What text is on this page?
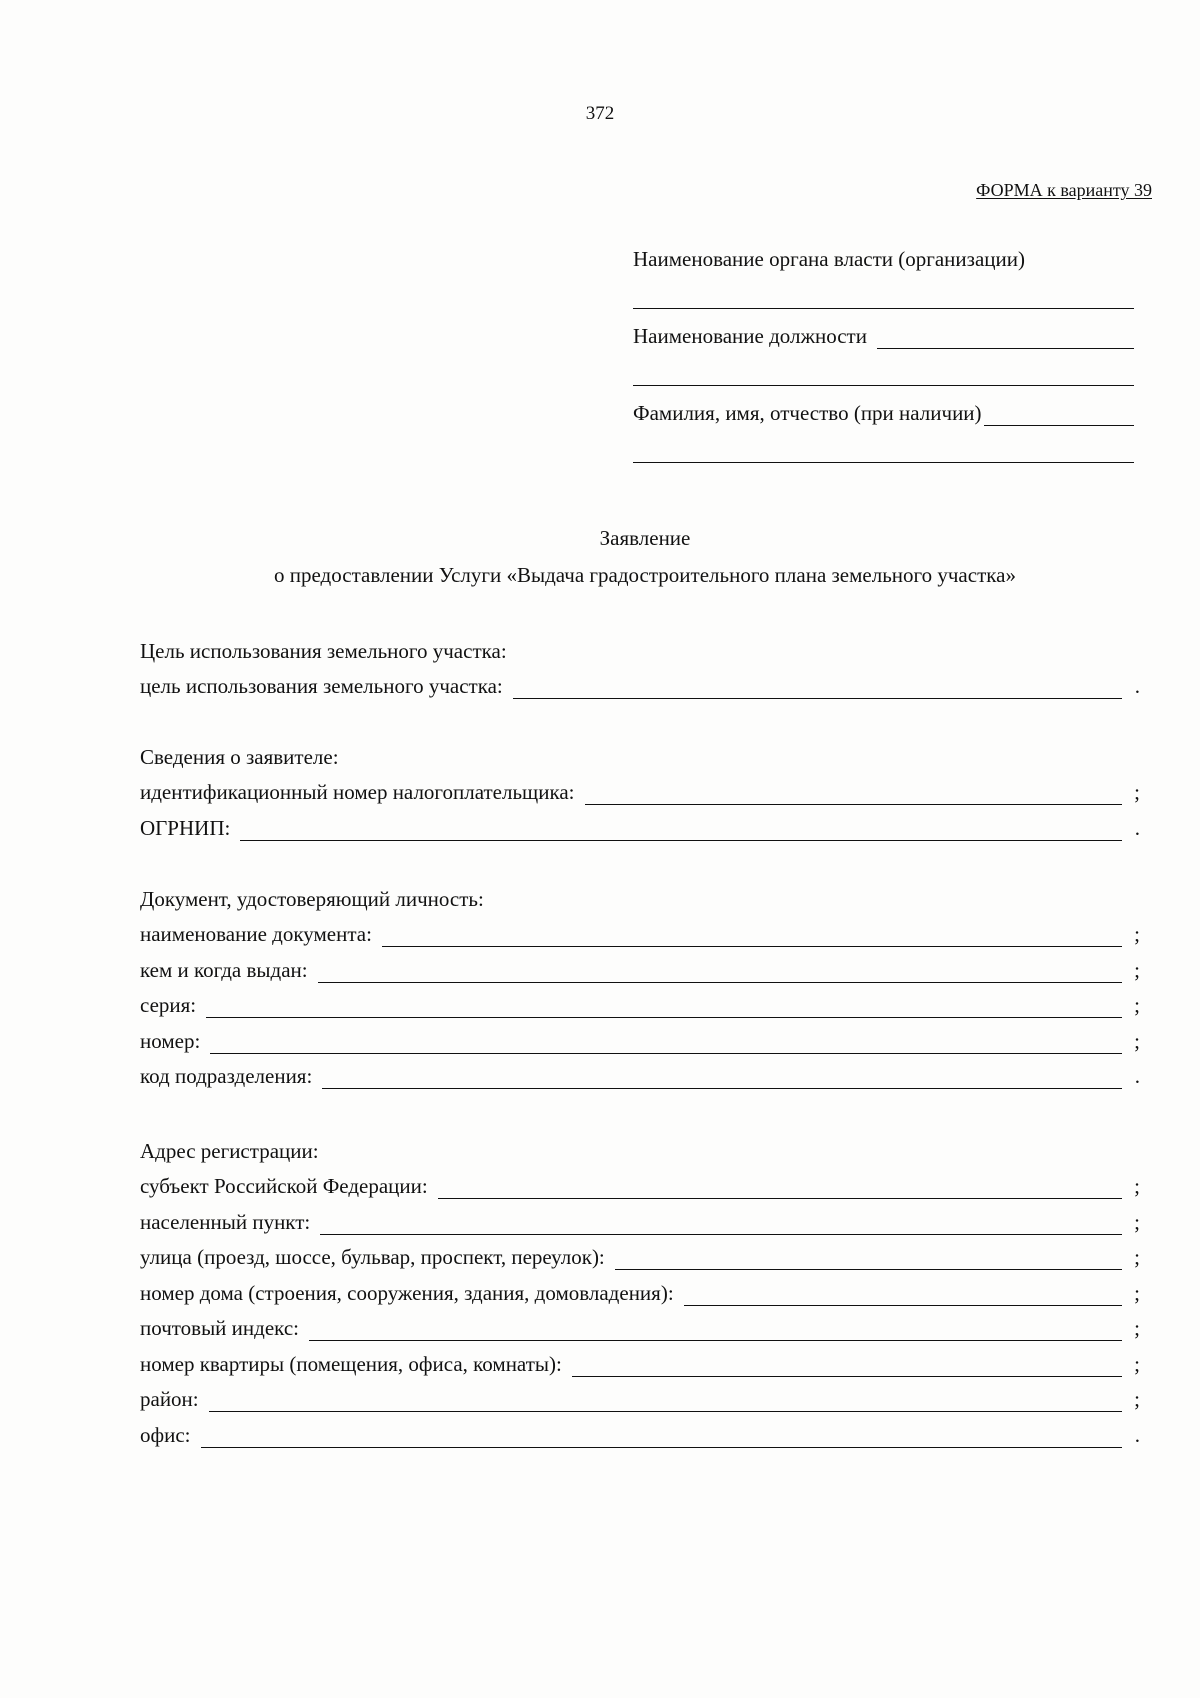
372
ФОРМА к варианту 39
Наименование органа власти (организации)
Наименование должности
Фамилия, имя, отчество (при наличии)
Заявление
о предоставлении Услуги «Выдача градостроительного плана земельного участка»
Цель использования земельного участка:
цель использования земельного участка:	.
Сведения о заявителе:
идентификационный номер налогоплательщика:	;
ОГРНИП:	.
Документ, удостоверяющий личность:
наименование документа:	;
кем и когда выдан:	;
серия:	;
номер:	;
код подразделения:	.
Адрес регистрации:
субъект Российской Федерации:	;
населенный пункт:	;
улица (проезд, шоссе, бульвар, проспект, переулок):	;
номер дома (строения, сооружения, здания, домовладения):	;
почтовый индекс:	;
номер квартиры (помещения, офиса, комнаты):	;
район:	;
офис:	.
